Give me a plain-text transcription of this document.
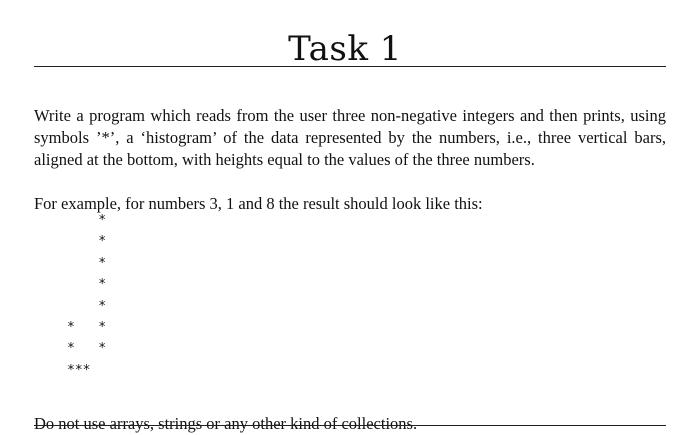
Task 1

Write a program which reads from the user three non-negative integers and then prints, using symbols ’*’, a ‘histogram’ of the data represented by the numbers, i.e., three vertical bars, aligned at the bottom, with heights equal to the values of the three numbers.

For example, for numbers 3, 1 and 8 the result should look like this:

*
*
*
*
*
*   *
*   *
***

Do not use arrays, strings or any other kind of collections.
